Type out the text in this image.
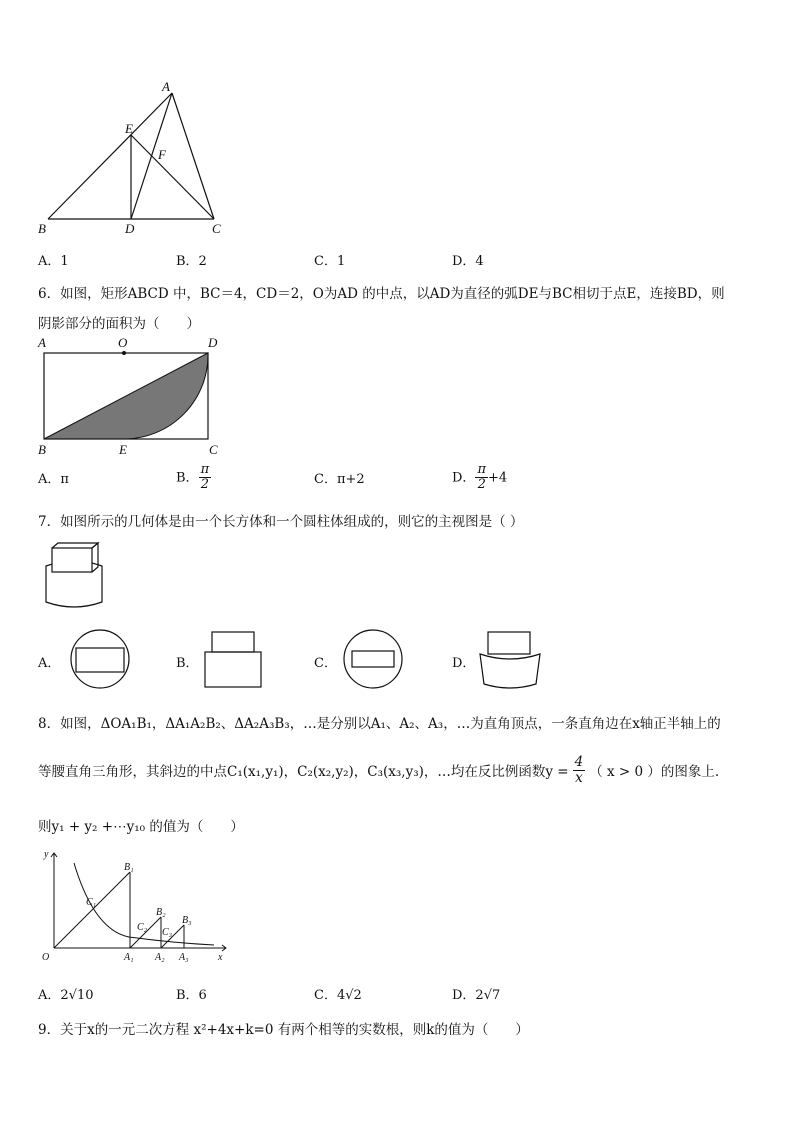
A
E
F
B	D	C
A．1	B．2	C．1	D．4
6．如图，矩形ABCD 中，BC＝4，CD＝2，O为AD 的中点，以AD为直径的弧DE与BC相切于点E，连接BD，则
阴影部分的面积为（　　）
A	O	D
B	E	C
A．π	B． $\frac{\pi}{2}$	C．π+2	D． $\frac{\pi}{2} +4$
7．如图所示的几何体是由一个长方体和一个圆柱体组成的，则它的主视图是（ ）
A．	B．	C．	D．
8．如图，ΔOA₁B₁，ΔA₁A₂B₂、ΔA₂A₃B₃，…是分别以A₁、A₂、A₃，…为直角顶点，一条直角边在x轴正半轴上的
等腰直角三角形，其斜边的中点C₁(x₁,y₁)，C₂(x₂,y₂)，C₃(x₃,y₃)，…均在反比例函数$y = \frac{4}{x}$ （ x > 0 ）的图象上.
则y₁ + y₂ +⋯y₁₀ 的值为（　　）
y
x
O
B₁
B₂
B₃
C₁
C₂ C₃
A₁ A₂ A₃
A．2√10	B．6	C．4√2	D．2√7
9．关于x的一元二次方程 x²+4x+k=0 有两个相等的实数根，则k的值为（　　）
